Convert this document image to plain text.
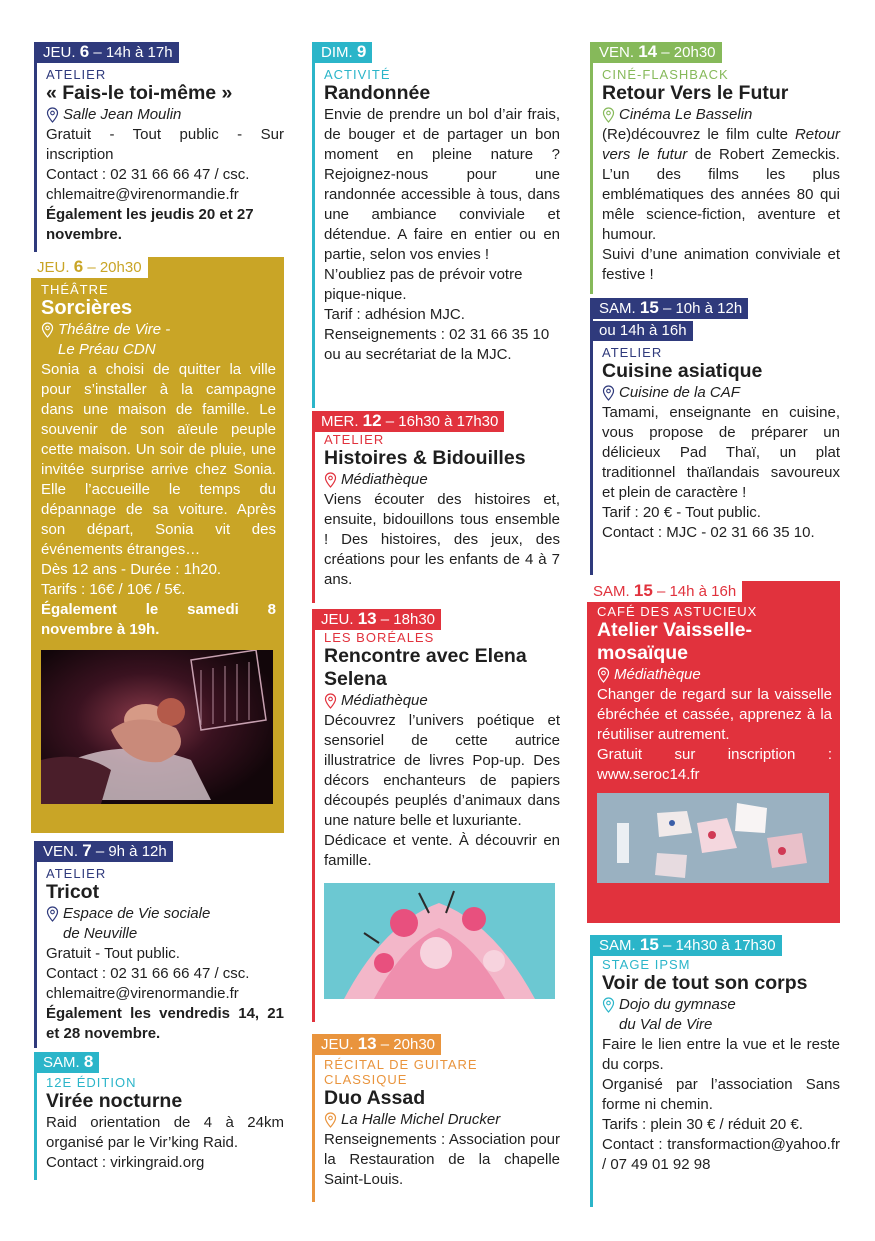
JEU. 6 – 14h à 17h
ATELIER
« Fais-le toi-même »
Salle Jean Moulin
Gratuit - Tout public - Sur inscription
Contact : 02 31 66 66 47 / csc.
chlemaitre@virenormandie.fr
Également les jeudis 20 et 27 novembre.
JEU. 6 – 20h30
THÉÂTRE
Sorcières
Théâtre de Vire -
Le Préau CDN
Sonia a choisi de quitter la ville pour s’installer à la campagne dans une maison de famille. Le souvenir de son aïeule peuple cette maison. Un soir de pluie, une invitée surprise arrive chez Sonia. Elle l’accueille le temps du dépannage de sa voiture. Après son départ, Sonia vit des événements étranges…
Dès 12 ans - Durée : 1h20.
Tarifs : 16€ / 10€ / 5€.
Également le samedi 8 novembre à 19h.
VEN. 7 – 9h à 12h
ATELIER
Tricot
Espace de Vie sociale
de Neuville
Gratuit - Tout public.
Contact : 02 31 66 66 47 / csc.
chlemaitre@virenormandie.fr
Également les vendredis 14, 21 et 28 novembre.
SAM. 8
12E ÉDITION
Virée nocturne
Raid orientation de 4 à 24km organisé par le Vir’king Raid.
Contact : virkingraid.org
DIM. 9
ACTIVITÉ
Randonnée
Envie de prendre un bol d’air frais, de bouger et de partager un bon moment en pleine nature ? Rejoignez-nous pour une randonnée accessible à tous, dans une ambiance conviviale et détendue. A faire en entier ou en partie, selon vos envies !
N’oubliez pas de prévoir votre pique-nique.
Tarif : adhésion MJC.
Renseignements : 02 31 66 35 10 ou au secrétariat de la MJC.
MER. 12 – 16h30 à 17h30
ATELIER
Histoires & Bidouilles
Médiathèque
Viens écouter des histoires et, ensuite, bidouillons tous ensemble ! Des histoires, des jeux, des créations pour les enfants de 4 à 7 ans.
JEU. 13 – 18h30
LES BORÉALES
Rencontre avec Elena Selena
Médiathèque
Découvrez l’univers poétique et sensoriel de cette autrice illustratrice de livres Pop-up. Des décors enchanteurs de papiers découpés peuplés d’animaux dans une nature belle et luxuriante.
Dédicace et vente. À découvrir en famille.
JEU. 13 – 20h30
RÉCITAL DE GUITARE CLASSIQUE
Duo Assad
La Halle Michel Drucker
Renseignements : Association pour la Restauration de la chapelle Saint-Louis.
VEN. 14 – 20h30
CINÉ-FLASHBACK
Retour Vers le Futur
Cinéma Le Basselin
(Re)découvrez le film culte Retour vers le futur de Robert Zemeckis. L’un des films les plus emblématiques des années 80 qui mêle science-fiction, aventure et humour.
Suivi d’une animation conviviale et festive !
SAM. 15 – 10h à 12h
ou 14h à 16h
ATELIER
Cuisine asiatique
Cuisine de la CAF
Tamami, enseignante en cuisine, vous propose de préparer un délicieux Pad Thaï, un plat traditionnel thaïlandais savoureux et plein de caractère !
Tarif : 20 € - Tout public.
Contact : MJC - 02 31 66 35 10.
SAM. 15 – 14h à 16h
CAFÉ DES ASTUCIEUX
Atelier Vaisselle-mosaïque
Médiathèque
Changer de regard sur la vaisselle ébréchée et cassée, apprenez à la réutiliser autrement.
Gratuit sur inscription : www.seroc14.fr
SAM. 15 – 14h30 à 17h30
STAGE IPSM
Voir de tout son corps
Dojo du gymnase
du Val de Vire
Faire le lien entre la vue et le reste du corps.
Organisé par l’association Sans forme ni chemin.
Tarifs : plein 30 € / réduit 20 €.
Contact : transformaction@yahoo.fr / 07 49 01 92 98
